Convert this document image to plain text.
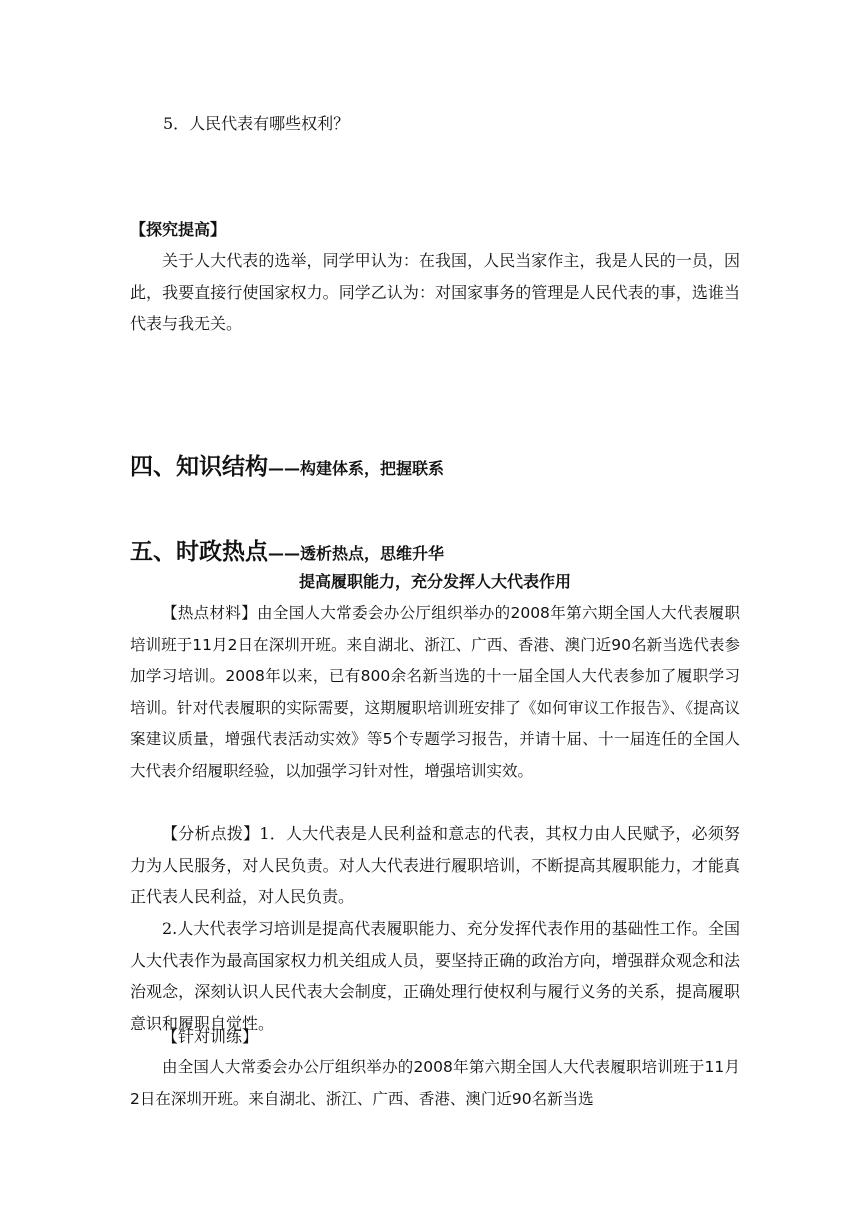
5．人民代表有哪些权利？

【探究提高】

关于人大代表的选举，同学甲认为：在我国，人民当家作主，我是人民的一员，因此，我要直接行使国家权力。同学乙认为：对国家事务的管理是人民代表的事，选谁当代表与我无关。

四、知识结构——构建体系，把握联系
五、时政热点——透析热点，思维升华

提高履职能力，充分发挥人大代表作用

【热点材料】由全国人大常委会办公厅组织举办的2008年第六期全国人大代表履职培训班于11月2日在深圳开班。来自湖北、浙江、广西、香港、澳门近90名新当选代表参加学习培训。2008年以来，已有800余名新当选的十一届全国人大代表参加了履职学习培训。针对代表履职的实际需要，这期履职培训班安排了《如何审议工作报告》、《提高议案建议质量，增强代表活动实效》等5个专题学习报告，并请十届、十一届连任的全国人大代表介绍履职经验，以加强学习针对性，增强培训实效。

【分析点拨】1．人大代表是人民利益和意志的代表，其权力由人民赋予，必须努力为人民服务，对人民负责。对人大代表进行履职培训，不断提高其履职能力，才能真正代表人民利益，对人民负责。

2.人大代表学习培训是提高代表履职能力、充分发挥代表作用的基础性工作。全国人大代表作为最高国家权力机关组成人员，要坚持正确的政治方向，增强群众观念和法治观念，深刻认识人民代表大会制度，正确处理行使权利与履行义务的关系，提高履职意识和履职自觉性。

【针对训练】

由全国人大常委会办公厅组织举办的2008年第六期全国人大代表履职培训班于11月2日在深圳开班。来自湖北、浙江、广西、香港、澳门近90名新当选
